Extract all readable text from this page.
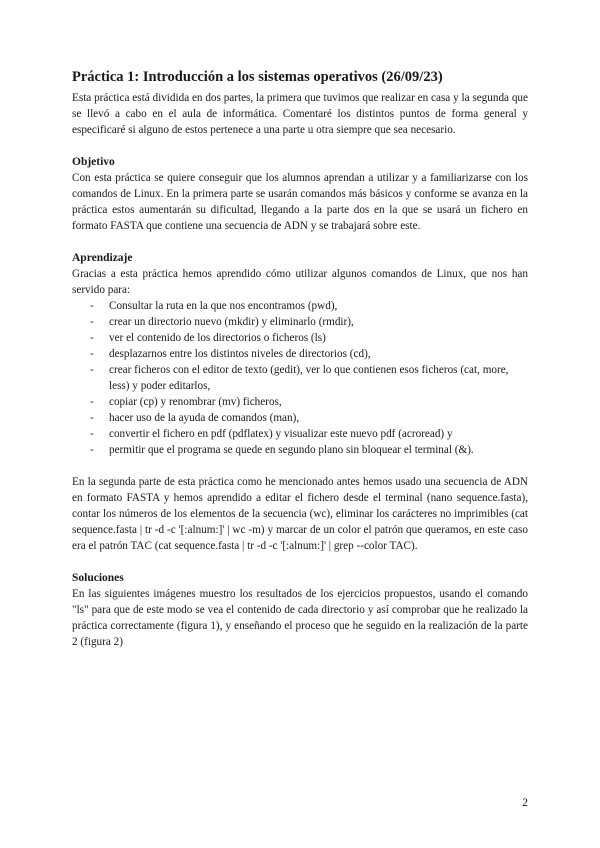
Práctica 1: Introducción a los sistemas operativos (26/09/23)

Esta práctica está dividida en dos partes, la primera que tuvimos que realizar en casa y la segunda que se llevó a cabo en el aula de informática. Comentaré los distintos puntos de forma general y especificaré si alguno de estos pertenece a una parte u otra siempre que sea necesario.

Objetivo

Con esta práctica se quiere conseguir que los alumnos aprendan a utilizar y a familiarizarse con los comandos de Linux. En la primera parte se usarán comandos más básicos y conforme se avanza en la práctica estos aumentarán su dificultad, llegando a la parte dos en la que se usará un fichero en formato FASTA que contiene una secuencia de ADN y se trabajará sobre este.

Aprendizaje

Gracias a esta práctica hemos aprendido cómo utilizar algunos comandos de Linux, que nos han servido para:

- Consultar la ruta en la que nos encontramos (pwd),
- crear un directorio nuevo (mkdir) y eliminarlo (rmdir),
- ver el contenido de los directorios o ficheros (ls)
- desplazarnos entre los distintos niveles de directorios (cd),
- crear ficheros con el editor de texto (gedit), ver lo que contienen esos ficheros (cat, more, less) y poder editarlos,
- copiar (cp) y renombrar (mv) ficheros,
- hacer uso de la ayuda de comandos (man),
- convertir el fichero en pdf (pdflatex) y visualizar este nuevo pdf (acroread) y
- permitir que el programa se quede en segundo plano sin bloquear el terminal (&).

En la segunda parte de esta práctica como he mencionado antes hemos usado una secuencia de ADN en formato FASTA y hemos aprendido a editar el fichero desde el terminal (nano sequence.fasta), contar los números de los elementos de la secuencia (wc), eliminar los carácteres no imprimibles (cat sequence.fasta | tr -d -c '[:alnum:]' | wc -m) y marcar de un color el patrón que queramos, en este caso era el patrón TAC (cat sequence.fasta | tr -d -c '[:alnum:]' | grep --color TAC).

Soluciones

En las siguientes imágenes muestro los resultados de los ejercicios propuestos, usando el comando "ls" para que de este modo se vea el contenido de cada directorio y así comprobar que he realizado la práctica correctamente (figura 1), y enseñando el proceso que he seguido en la realización de la parte 2 (figura 2)

2
